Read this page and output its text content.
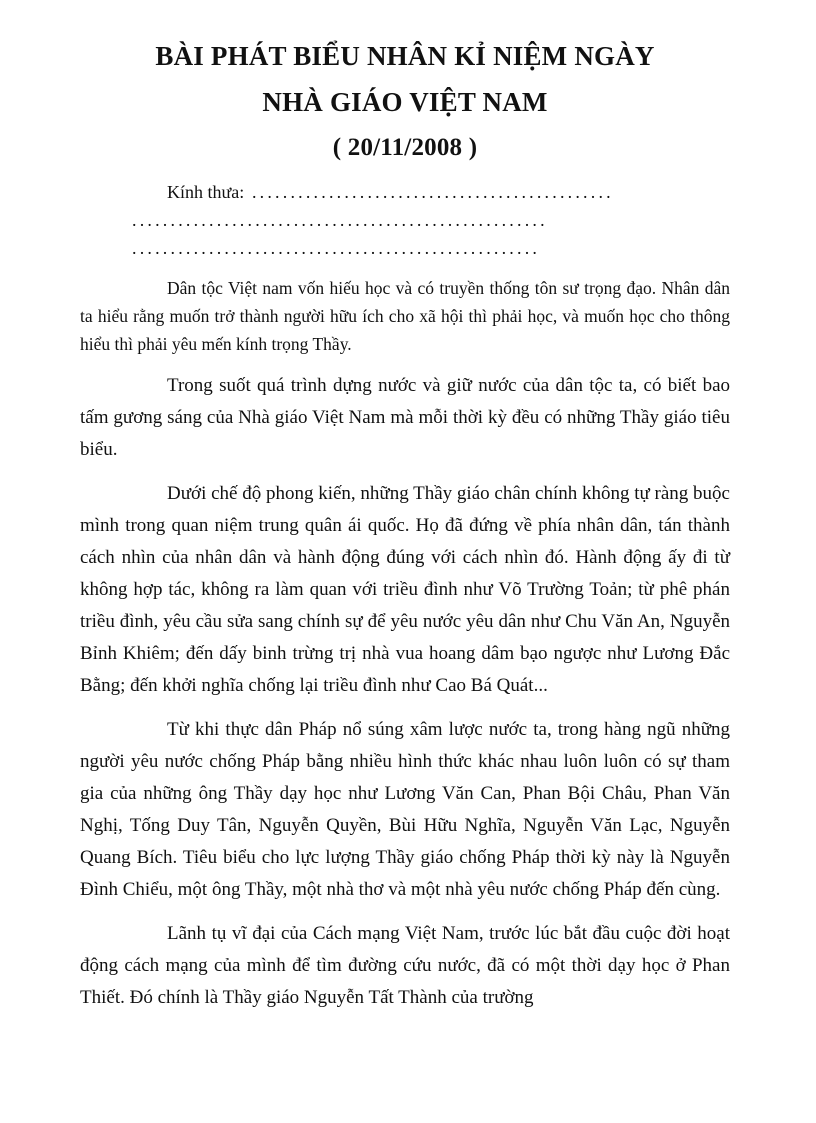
BÀI PHÁT BIỂU NHÂN KỈ NIỆM NGÀY
NHÀ GIÁO VIỆT NAM
( 20/11/2008 )
Kính thưa: ...............................................
......................................................
.....................................................

Dân tộc Việt nam vốn hiếu học và có truyền thống tôn sư trọng đạo. Nhân dân ta hiểu rằng muốn trở thành người hữu ích cho xã hội thì phải học, và muốn học cho thông hiểu thì phải yêu mến kính trọng Thầy.

Trong suốt quá trình dựng nước và giữ nước của dân tộc ta, có biết bao tấm gương sáng của Nhà giáo Việt Nam mà mỗi thời kỳ đều có những Thầy giáo tiêu biểu.

Dưới chế độ phong kiến, những Thầy giáo chân chính không tự ràng buộc mình trong quan niệm trung quân ái quốc. Họ đã đứng về phía nhân dân, tán thành cách nhìn của nhân dân và hành động đúng với cách nhìn đó. Hành động ấy đi từ không hợp tác, không ra làm quan với triều đình như Võ Trường Toản; từ phê phán triều đình, yêu cầu sửa sang chính sự để yêu nước yêu dân như Chu Văn An, Nguyễn Bỉnh Khiêm; đến dấy binh trừng trị nhà vua hoang dâm bạo ngược như Lương Đắc Bằng; đến khởi nghĩa chống lại triều đình như Cao Bá Quát...

Từ khi thực dân Pháp nổ súng xâm lược nước ta, trong hàng ngũ những người yêu nước chống Pháp bằng nhiều hình thức khác nhau luôn luôn có sự tham gia của những ông Thầy dạy học như Lương Văn Can, Phan Bội Châu, Phan Văn Nghị, Tống Duy Tân, Nguyễn Quyền, Bùi Hữu Nghĩa, Nguyễn Văn Lạc, Nguyễn Quang Bích. Tiêu biểu cho lực lượng Thầy giáo chống Pháp thời kỳ này là Nguyễn Đình Chiểu, một ông Thầy, một nhà thơ và một nhà yêu nước chống Pháp đến cùng.

Lãnh tụ vĩ đại của Cách mạng Việt Nam, trước lúc bắt đầu cuộc đời hoạt động cách mạng của mình để tìm đường cứu nước, đã có một thời dạy học ở Phan Thiết. Đó chính là Thầy giáo Nguyễn Tất Thành của trường
